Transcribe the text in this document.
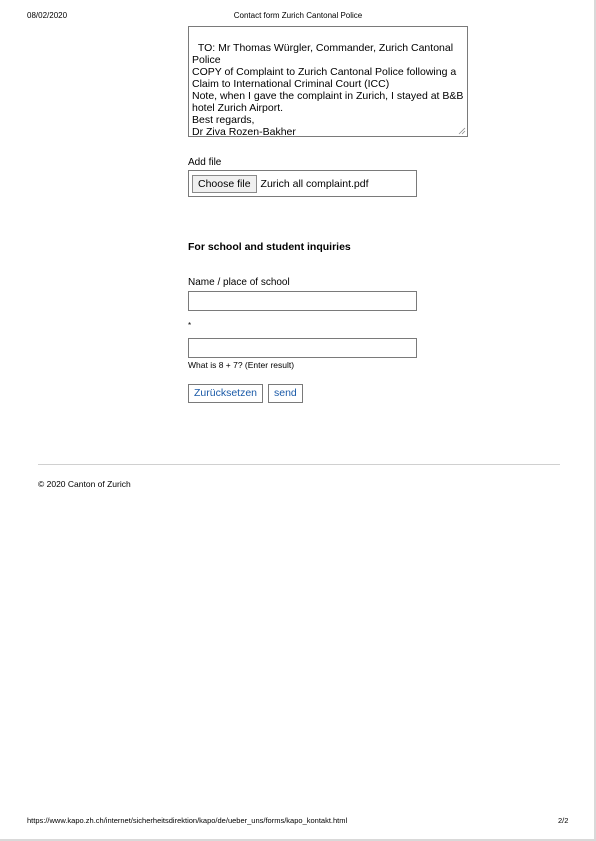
08/02/2020	Contact form Zurich Cantonal Police

TO: Mr Thomas Würgler, Commander, Zurich Cantonal Police
COPY of Complaint to Zurich Cantonal Police following a Claim to International Criminal Court (ICC)
Note, when I gave the complaint in Zurich, I stayed at B&B hotel Zurich Airport.
Best regards,
Dr Ziva Rozen-Bakher

Add file
Choose file Zurich all complaint.pdf
For school and student inquiries
Name / place of school
*
What is 8 + 7? (Enter result)
Zurücksetzen	send
© 2020 Canton of Zurich
https://www.kapo.zh.ch/internet/sicherheitsdirektion/kapo/de/ueber_uns/forms/kapo_kontakt.html	2/2
